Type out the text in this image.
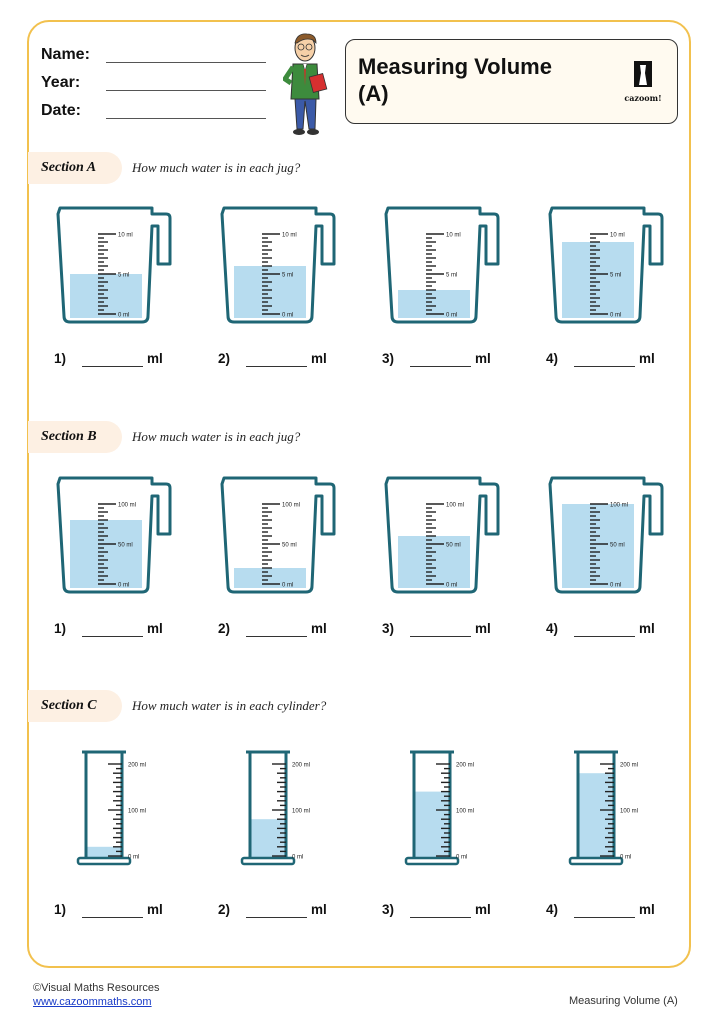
Name:
Year:
Date:
Measuring Volume
(A)	cazoom!
Section A	How much water is in each jug?
10 ml
5 ml
0 ml
1)	ml
10 ml
5 ml
0 ml
2)	ml
10 ml
5 ml
0 ml
3)	ml
10 ml
5 ml
0 ml
4)	ml
Section B	How much water is in each jug?
100 ml
50 ml
0 ml
1)	ml
100 ml
50 ml
0 ml
2)	ml
100 ml
50 ml
0 ml
3)	ml
100 ml
50 ml
0 ml
4)	ml
Section C	How much water is in each cylinder?
200 ml
100 ml
0 ml
1)	ml
200 ml
100 ml
0 ml
2)	ml
200 ml
100 ml
0 ml
3)	ml
200 ml
100 ml
0 ml
4)	ml
©Visual Maths Resources
www.cazoommaths.com	Measuring Volume (A)
